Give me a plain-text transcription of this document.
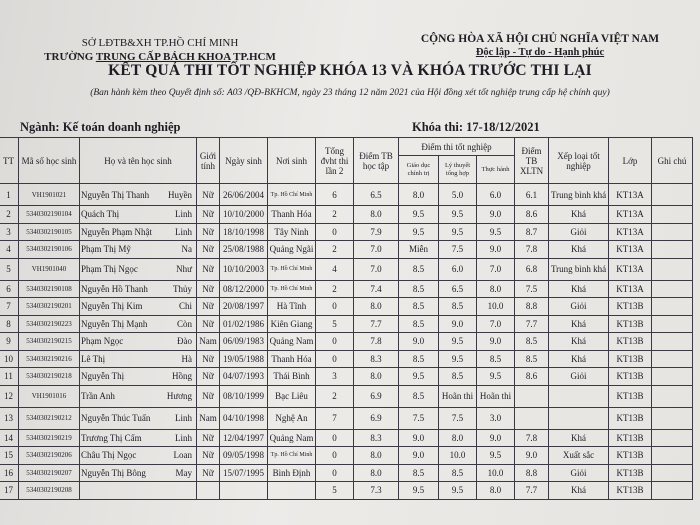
SỞ LĐTB&XH TP.HỒ CHÍ MINH
TRƯỜNG TRUNG CẤP BÁCH KHOA TP.HCM
CỘNG HÒA XÃ HỘI CHỦ NGHĨA VIỆT NAM
Độc lập - Tự do - Hạnh phúc
KẾT QUẢ THI TỐT NGHIỆP KHÓA 13 VÀ KHÓA TRƯỚC THI LẠI
(Ban hành kèm theo Quyết định số: A03 /QĐ-BKHCM, ngày 23 tháng 12 năm 2021 của Hội đồng xét tốt nghiệp trung cấp hệ chính quy)
Ngành: Kế toán doanh nghiệp	Khóa thi: 17-18/12/2021
TT	Mã số học sinh	Họ và tên học sinh	Giới tính	Ngày sinh	Nơi sinh	Tổng đvht thi lần 2	Điểm TB học tập	Điểm thi tốt nghiệp			Điểm TB XLTN	Xếp loại tốt nghiệp	Lớp	Ghi chú
								Giáo dục chính trị	Lý thuyết tổng hợp	Thực hành				
1	VH1901021	Nguyễn Thị Thanh Huyền	Nữ	26/06/2004	Tp. Hồ Chí Minh	6	6.5	8.0	5.0	6.0	6.1	Trung bình khá	KT13A	
2	5340302190104	Quách Thị Linh	Nữ	10/10/2000	Thanh Hóa	2	8.0	9.5	9.5	9.0	8.6	Khá	KT13A	
3	5340302190105	Nguyễn Phạm Nhật Linh	Nữ	18/10/1998	Tây Ninh	0	7.9	9.5	9.5	9.5	8.7	Giỏi	KT13A	
4	5340302190106	Phạm Thị Mỹ Na	Nữ	25/08/1988	Quảng Ngãi	2	7.0	Miễn	7.5	9.0	7.8	Khá	KT13A	
5	VH1901040	Phạm Thị Ngọc Như	Nữ	10/10/2003	Tp. Hồ Chí Minh	4	7.0	8.5	6.0	7.0	6.8	Trung bình khá	KT13A	
6	5340302190108	Nguyễn Hồ Thanh Thủy	Nữ	08/12/2000	Tp. Hồ Chí Minh	2	7.4	8.5	6.5	8.0	7.5	Khá	KT13A	
7	5340302190201	Nguyễn Thị Kim Chi	Nữ	20/08/1997	Hà Tĩnh	0	8.0	8.5	8.5	10.0	8.8	Giỏi	KT13B	
8	5340302190223	Nguyễn Thị Mạnh Còn	Nữ	01/02/1986	Kiên Giang	5	7.7	8.5	9.0	7.0	7.7	Khá	KT13B	
9	5340302190215	Phạm Ngọc Đào	Nam	06/09/1983	Quảng Nam	0	7.8	9.0	9.5	9.0	8.5	Khá	KT13B	
10	5340302190216	Lê Thị Hà	Nữ	19/05/1988	Thanh Hóa	0	8.3	8.5	9.5	8.5	8.5	Khá	KT13B	
11	5340302190218	Nguyễn Thị Hồng	Nữ	04/07/1993	Thái Bình	3	8.0	9.5	8.5	9.5	8.6	Giỏi	KT13B	
12	VH1901016	Trần Anh Hương	Nữ	08/10/1999	Bạc Liêu	2	6.9	8.5	Hoãn thi	Hoãn thi			KT13B	
13	5340302190212	Nguyễn Thúc Tuấn Linh	Nam	04/10/1998	Nghệ An	7	6.9	7.5	7.5	3.0			KT13B	
14	5340302190219	Trương Thị Cẩm Linh	Nữ	12/04/1997	Quảng Nam	0	8.3	9.0	8.0	9.0	7.8	Khá	KT13B	
15	5340302190206	Châu Thị Ngọc Loan	Nữ	09/05/1998	Tp. Hồ Chí Minh	0	8.0	9.0	10.0	9.5	9.0	Xuất sắc	KT13B	
16	5340302190207	Nguyễn Thị Bông May	Nữ	15/07/1995	Bình Định	0	8.0	8.5	8.5	10.0	8.8	Giỏi	KT13B	
17	5340302190208					5	7.3	9.5	9.5	8.0	7.7	Khá	KT13B	
